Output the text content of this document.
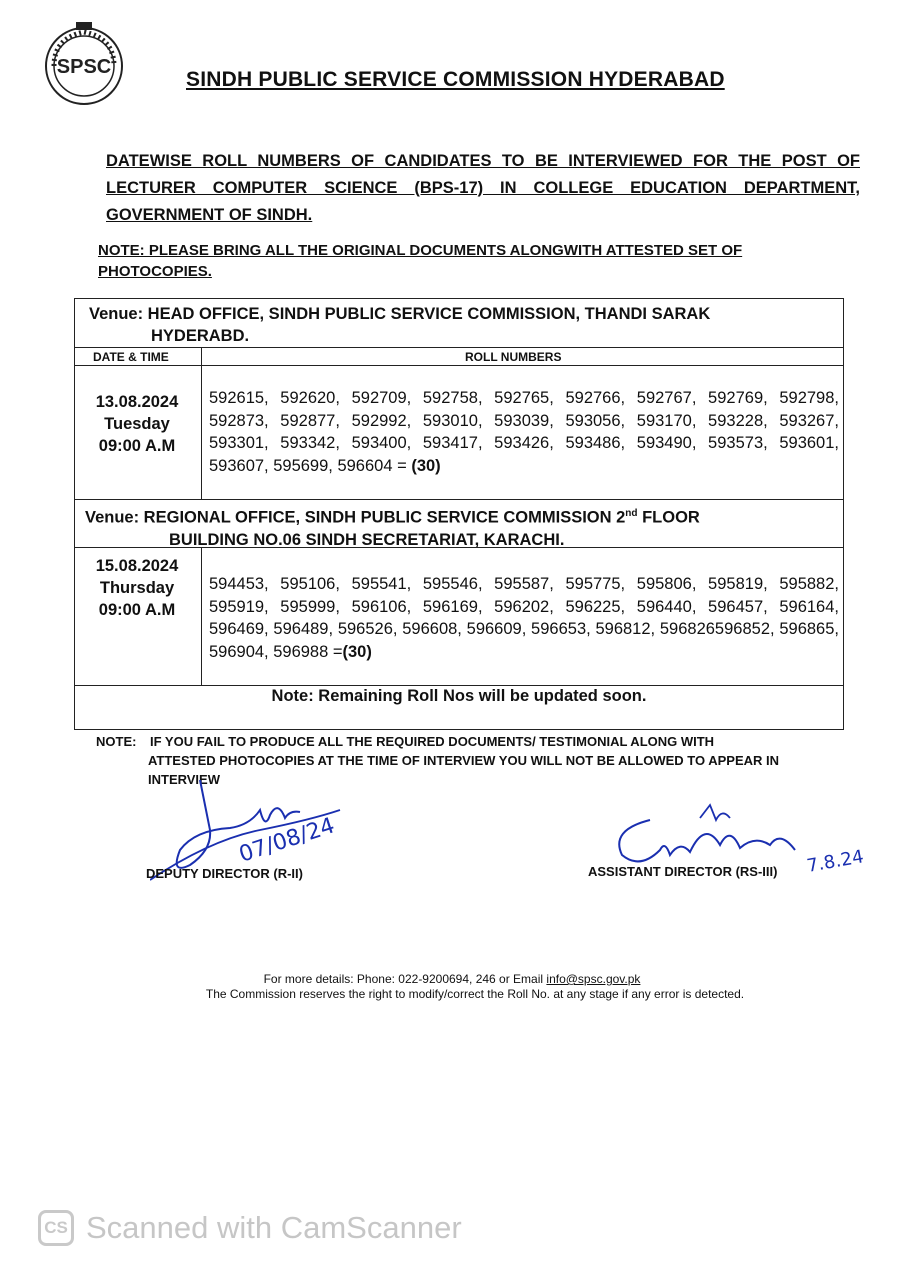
SPSC
SINDH PUBLIC SERVICE COMMISSION HYDERABAD
DATEWISE ROLL NUMBERS OF CANDIDATES TO BE INTERVIEWED FOR THE POST OF LECTURER COMPUTER SCIENCE (BPS-17) IN COLLEGE EDUCATION DEPARTMENT, GOVERNMENT OF SINDH.
NOTE: PLEASE BRING ALL THE ORIGINAL DOCUMENTS ALONGWITH ATTESTED SET OF PHOTOCOPIES.
Venue: HEAD OFFICE, SINDH PUBLIC SERVICE COMMISSION, THANDI SARAK
HYDERABD.
DATE & TIME	ROLL NUMBERS
13.08.2024
Tuesday
09:00 A.M
592615, 592620, 592709, 592758, 592765, 592766, 592767, 592769, 592798, 592873, 592877, 592992, 593010, 593039, 593056, 593170, 593228, 593267, 593301, 593342, 593400, 593417, 593426, 593486, 593490, 593573, 593601, 593607, 595699, 596604 = (30)
Venue: REGIONAL OFFICE, SINDH PUBLIC SERVICE COMMISSION 2nd FLOOR
BUILDING NO.06 SINDH SECRETARIAT, KARACHI.
15.08.2024
Thursday
09:00 A.M
594453, 595106, 595541, 595546, 595587, 595775, 595806, 595819, 595882, 595919, 595999, 596106, 596169, 596202, 596225, 596440, 596457, 596164, 596469, 596489, 596526, 596608, 596609, 596653, 596812, 596826596852, 596865, 596904, 596988 =(30)
Note: Remaining Roll Nos will be updated soon.
NOTE: IF YOU FAIL TO PRODUCE ALL THE REQUIRED DOCUMENTS/ TESTIMONIAL ALONG WITH
ATTESTED PHOTOCOPIES AT THE TIME OF INTERVIEW YOU WILL NOT BE ALLOWED TO APPEAR IN
INTERVIEW
07/08/24
DEPUTY DIRECTOR (R-II)	7.8.24
ASSISTANT DIRECTOR (RS-III)
For more details: Phone: 022-9200694, 246 or Email info@spsc.gov.pk
The Commission reserves the right to modify/correct the Roll No. at any stage if any error is detected.
CS Scanned with CamScanner
